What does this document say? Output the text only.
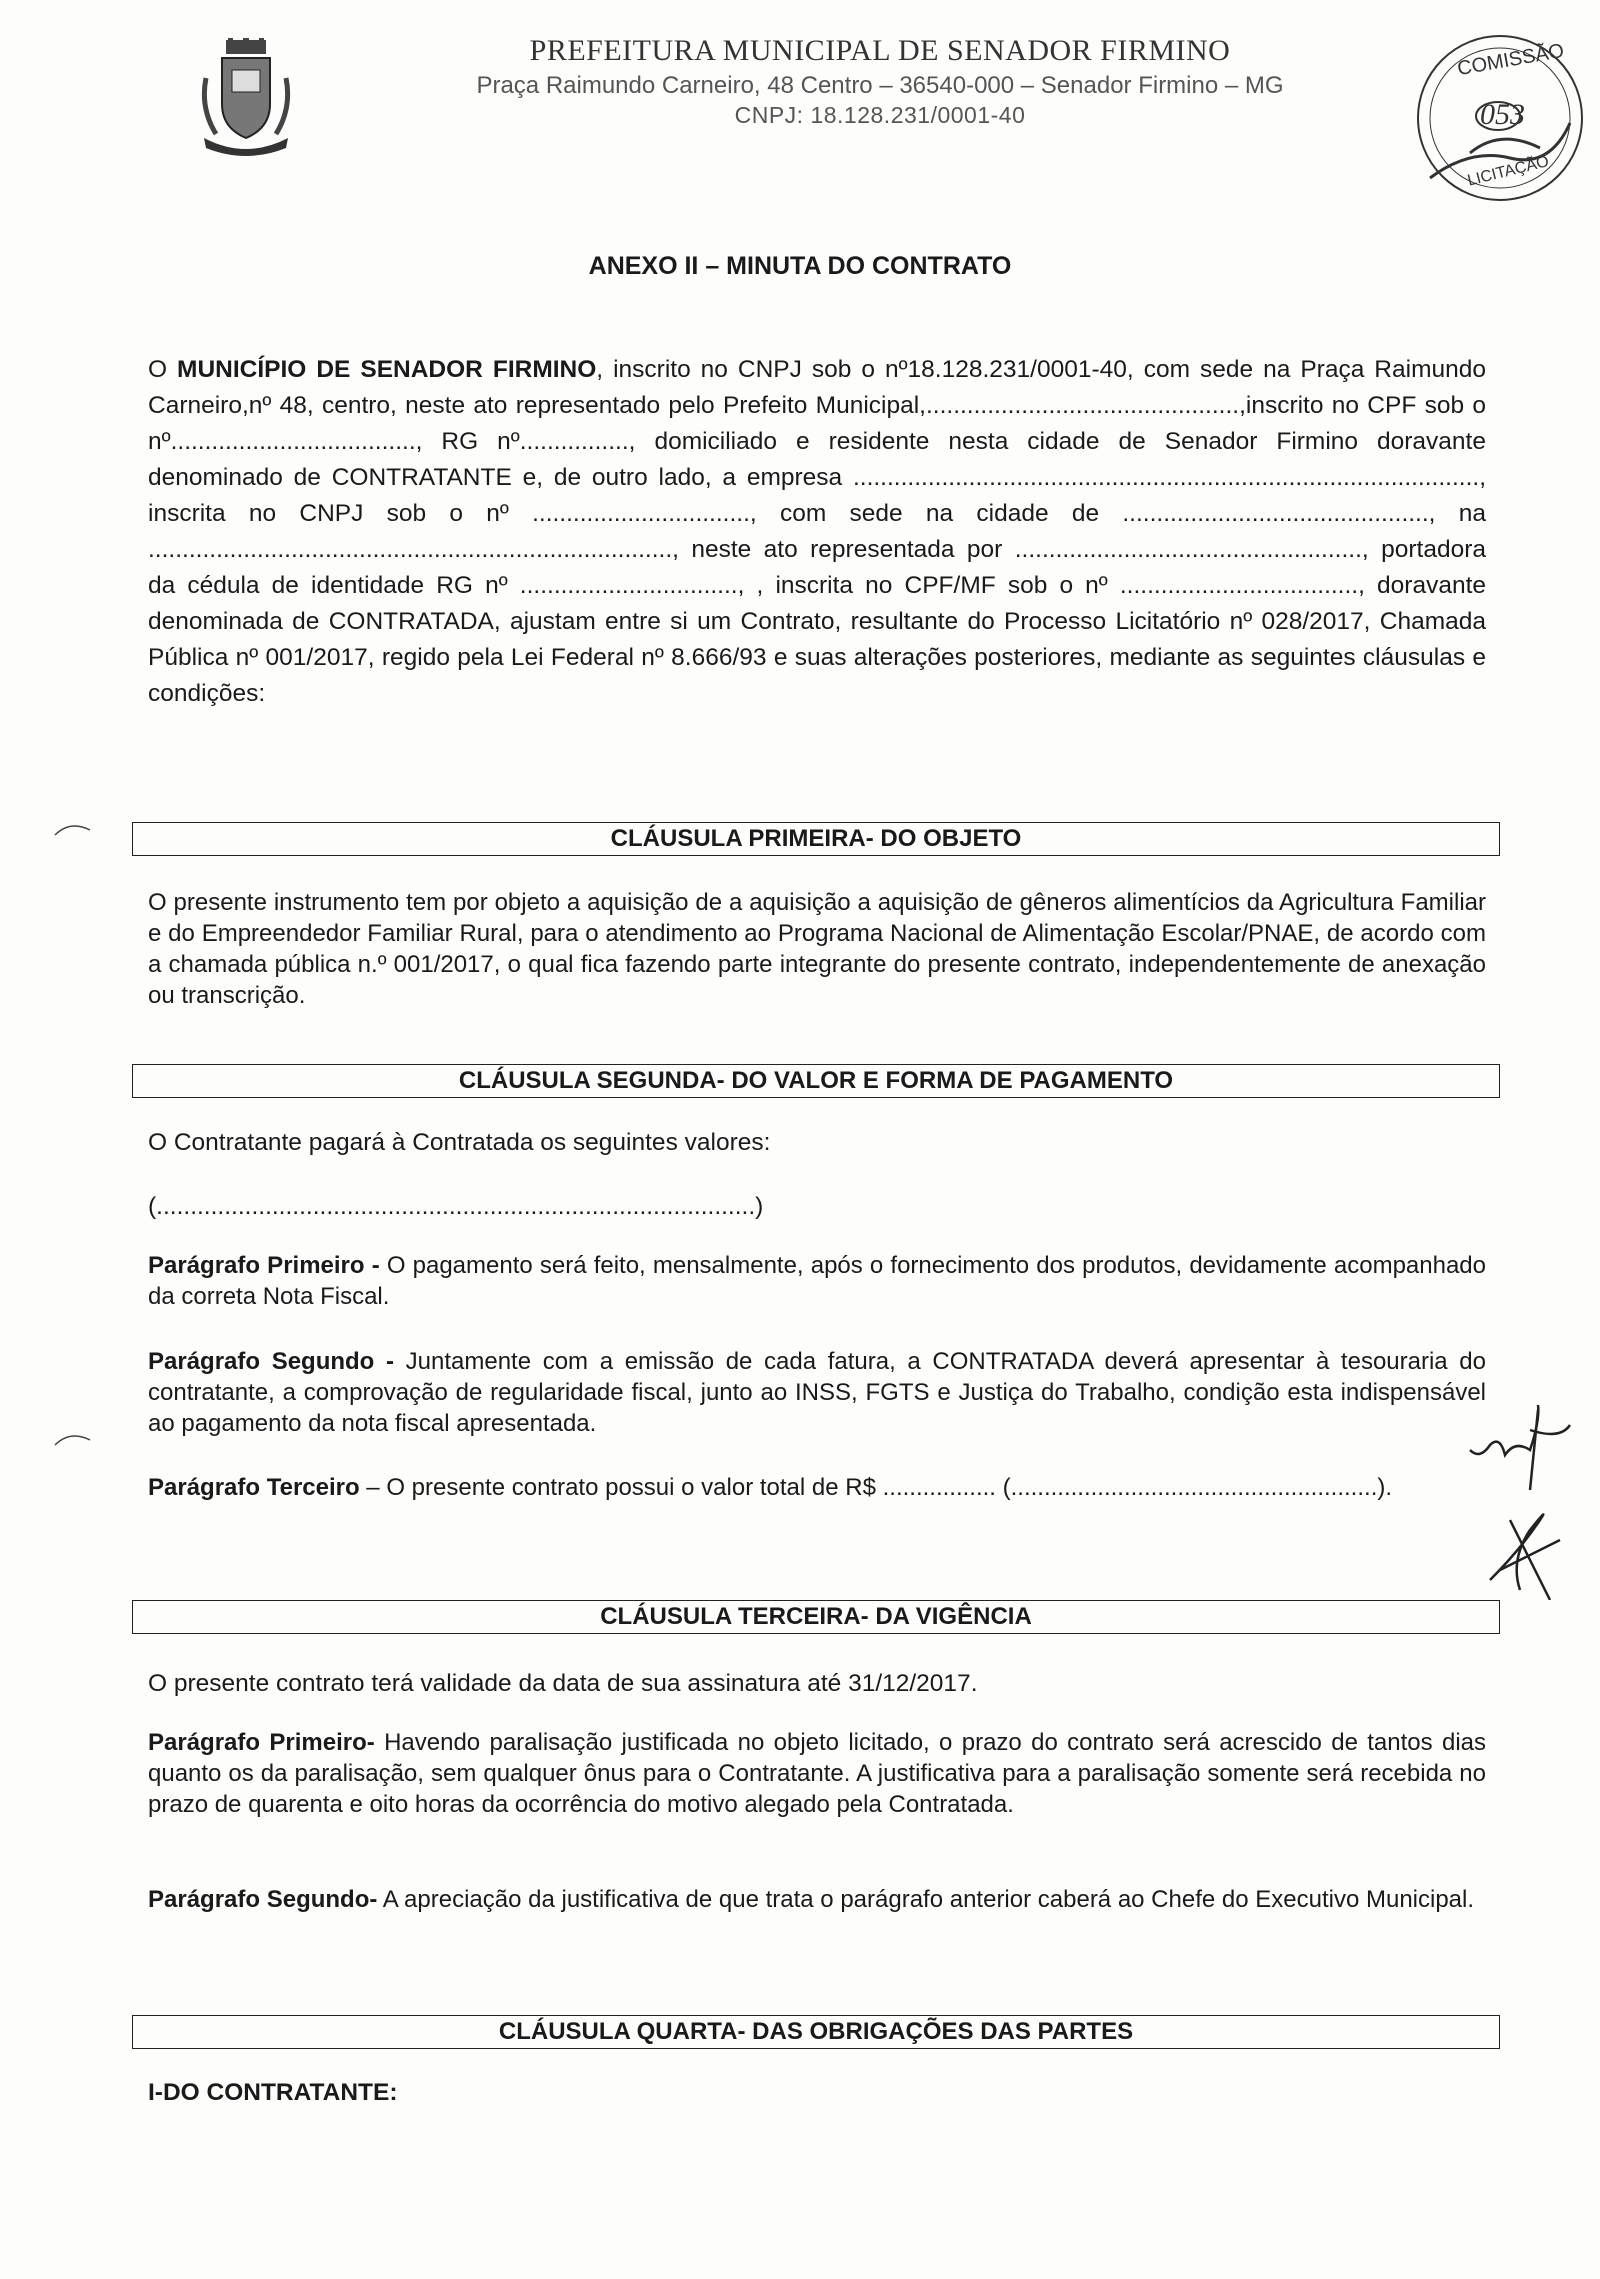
PREFEITURA MUNICIPAL DE SENADOR FIRMINO
Praça Raimundo Carneiro, 48 Centro – 36540-000 – Senador Firmino – MG
CNPJ: 18.128.231/0001-40
COMISSÃO
053
LICITAÇÃO
ANEXO II – MINUTA DO CONTRATO
O MUNICÍPIO DE SENADOR FIRMINO, inscrito no CNPJ sob o nº18.128.231/0001-40, com sede na Praça Raimundo Carneiro,nº 48, centro, neste ato representado pelo Prefeito Municipal,..............................................,inscrito no CPF sob o nº...................................., RG nº................, domiciliado e residente nesta cidade de Senador Firmino doravante denominado de CONTRATANTE e, de outro lado, a empresa ............................................................................................, inscrita no CNPJ sob o nº ................................, com sede na cidade de ............................................., na ............................................................................., neste ato representada por ..................................................., portadora da cédula de identidade RG nº ................................, , inscrita no CPF/MF sob o nº ..................................., doravante denominada de CONTRATADA, ajustam entre si um Contrato, resultante do Processo Licitatório nº 028/2017, Chamada Pública nº 001/2017, regido pela Lei Federal nº 8.666/93 e suas alterações posteriores, mediante as seguintes cláusulas e condições:
CLÁUSULA PRIMEIRA- DO OBJETO
O presente instrumento tem por objeto a aquisição de a aquisição a aquisição de gêneros alimentícios da Agricultura Familiar e do Empreendedor Familiar Rural, para o atendimento ao Programa Nacional de Alimentação Escolar/PNAE, de acordo com a chamada pública n.º 001/2017, o qual fica fazendo parte integrante do presente contrato, independentemente de anexação ou transcrição.
CLÁUSULA SEGUNDA- DO VALOR E FORMA DE PAGAMENTO
O Contratante pagará à Contratada os seguintes valores:
(........................................................................................)
Parágrafo Primeiro - O pagamento será feito, mensalmente, após o fornecimento dos produtos, devidamente acompanhado da correta Nota Fiscal.
Parágrafo Segundo - Juntamente com a emissão de cada fatura, a CONTRATADA deverá apresentar à tesouraria do contratante, a comprovação de regularidade fiscal, junto ao INSS, FGTS e Justiça do Trabalho, condição esta indispensável ao pagamento da nota fiscal apresentada.
Parágrafo Terceiro – O presente contrato possui o valor total de R$ ................. (.......................................................).
CLÁUSULA TERCEIRA- DA VIGÊNCIA
O presente contrato terá validade da data de sua assinatura até 31/12/2017.
Parágrafo Primeiro- Havendo paralisação justificada no objeto licitado, o prazo do contrato será acrescido de tantos dias quanto os da paralisação, sem qualquer ônus para o Contratante. A justificativa para a paralisação somente será recebida no prazo de quarenta e oito horas da ocorrência do motivo alegado pela Contratada.
Parágrafo Segundo- A apreciação da justificativa de que trata o parágrafo anterior caberá ao Chefe do Executivo Municipal.
CLÁUSULA QUARTA- DAS OBRIGAÇÕES DAS PARTES
I-DO CONTRATANTE:
